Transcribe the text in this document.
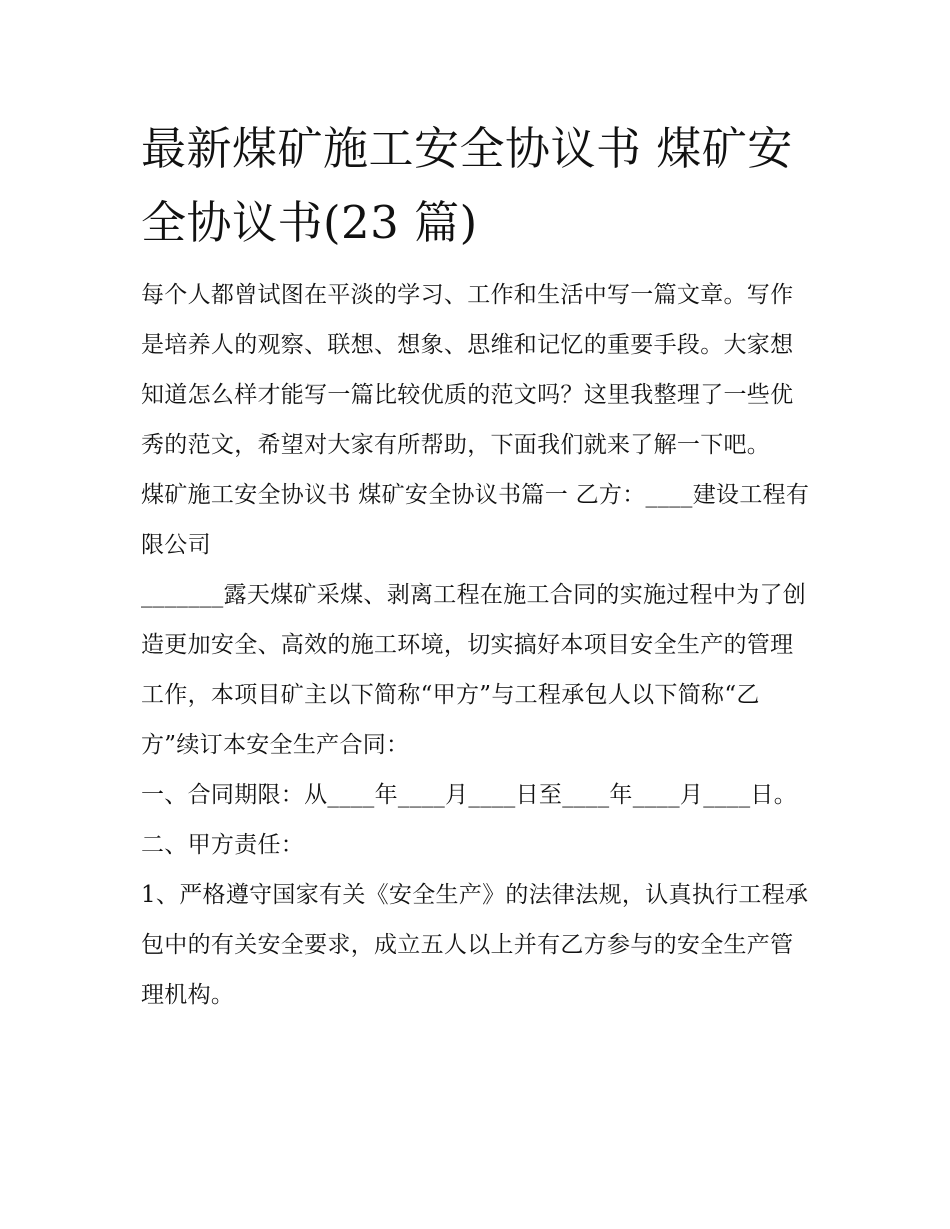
最新煤矿施工安全协议书 煤矿安全协议书(23 篇)

每个人都曾试图在平淡的学习、工作和生活中写一篇文章。写作是培养人的观察、联想、想象、思维和记忆的重要手段。大家想知道怎么样才能写一篇比较优质的范文吗？这里我整理了一些优秀的范文，希望对大家有所帮助，下面我们就来了解一下吧。

煤矿施工安全协议书 煤矿安全协议书篇一 乙方：____建设工程有限公司

_______露天煤矿采煤、剥离工程在施工合同的实施过程中为了创造更加安全、高效的施工环境，切实搞好本项目安全生产的管理工作，本项目矿主以下简称“甲方”与工程承包人以下简称“乙方”续订本安全生产合同：

一、合同期限：从____年____月____日至____年____月____日。 二、甲方责任：

1、严格遵守国家有关《安全生产》的法律法规，认真执行工程承包中的有关安全要求，成立五人以上并有乙方参与的安全生产管理机构。
